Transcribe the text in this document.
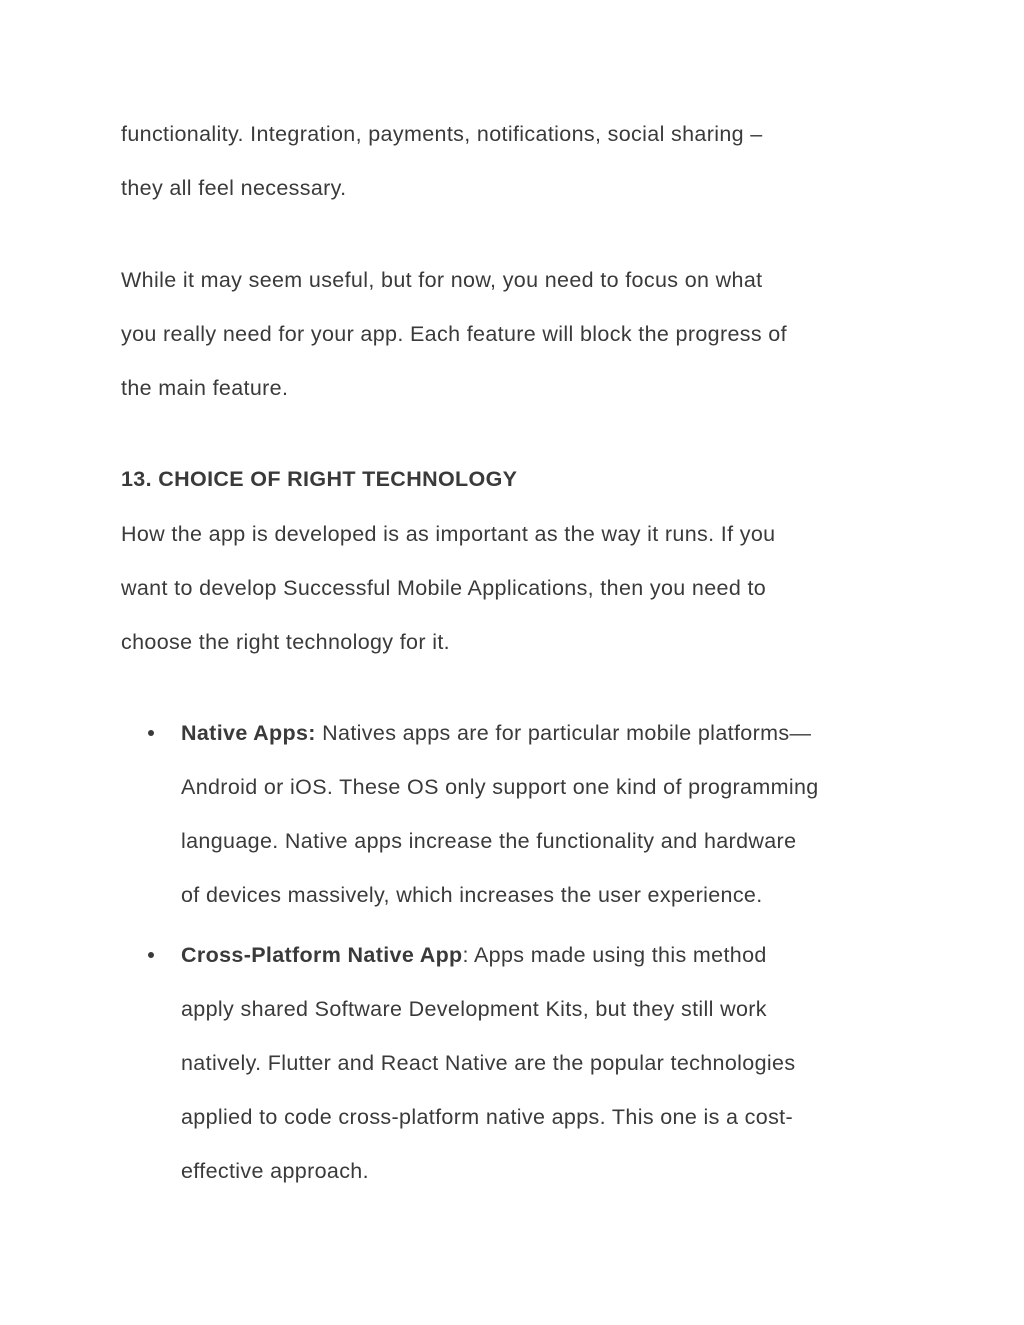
functionality. Integration, payments, notifications, social sharing –
they all feel necessary.
While it may seem useful, but for now, you need to focus on what
you really need for your app. Each feature will block the progress of
the main feature.
13. CHOICE OF RIGHT TECHNOLOGY
How the app is developed is as important as the way it runs. If you
want to develop Successful Mobile Applications, then you need to
choose the right technology for it.
Native Apps: Natives apps are for particular mobile platforms—
Android or iOS. These OS only support one kind of programming
language. Native apps increase the functionality and hardware
of devices massively, which increases the user experience.
Cross-Platform Native App: Apps made using this method
apply shared Software Development Kits, but they still work
natively. Flutter and React Native are the popular technologies
applied to code cross-platform native apps. This one is a cost-
effective approach.
